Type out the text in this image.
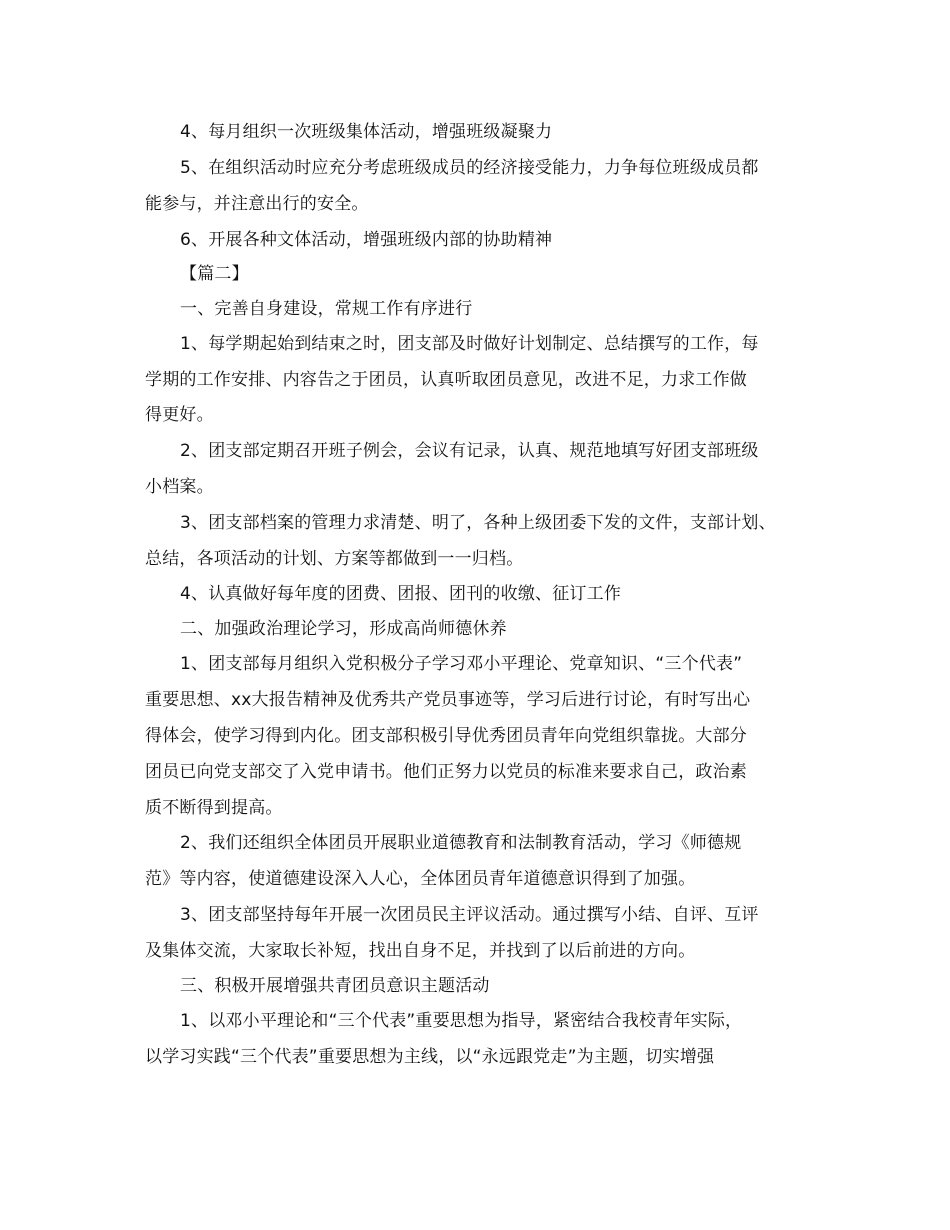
4、每月组织一次班级集体活动，增强班级凝聚力

5、在组织活动时应充分考虑班级成员的经济接受能力，力争每位班级成员都

能参与，并注意出行的安全。

6、开展各种文体活动，增强班级内部的协助精神

【篇二】

一、完善自身建设，常规工作有序进行

1、每学期起始到结束之时，团支部及时做好计划制定、总结撰写的工作，每

学期的工作安排、内容告之于团员，认真听取团员意见，改进不足，力求工作做

得更好。

2、团支部定期召开班子例会，会议有记录，认真、规范地填写好团支部班级

小档案。

3、团支部档案的管理力求清楚、明了，各种上级团委下发的文件，支部计划、

总结，各项活动的计划、方案等都做到一一归档。

4、认真做好每年度的团费、团报、团刊的收缴、征订工作

二、加强政治理论学习，形成高尚师德休养

1、团支部每月组织入党积极分子学习邓小平理论、党章知识、“三个代表”

重要思想、xx大报告精神及优秀共产党员事迹等，学习后进行讨论，有时写出心

得体会，使学习得到内化。团支部积极引导优秀团员青年向党组织靠拢。大部分

团员已向党支部交了入党申请书。他们正努力以党员的标准来要求自己，政治素

质不断得到提高。

2、我们还组织全体团员开展职业道德教育和法制教育活动，学习《师德规

范》等内容，使道德建设深入人心，全体团员青年道德意识得到了加强。

3、团支部坚持每年开展一次团员民主评议活动。通过撰写小结、自评、互评

及集体交流，大家取长补短，找出自身不足，并找到了以后前进的方向。

三、积极开展增强共青团员意识主题活动

1、以邓小平理论和“三个代表”重要思想为指导，紧密结合我校青年实际，

以学习实践“三个代表”重要思想为主线，以“永远跟党走”为主题，切实增强
